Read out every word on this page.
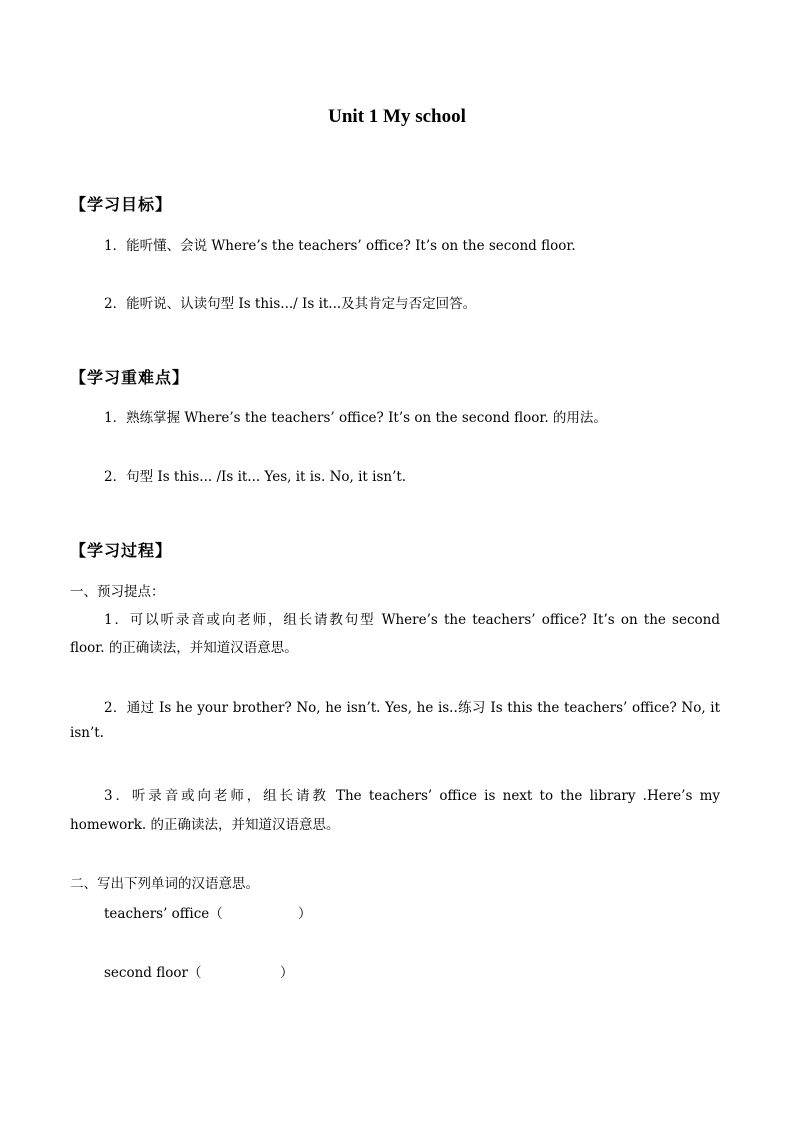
Unit 1 My school
【学习目标】
1．能听懂、会说 Where’s the teachers’ office? It’s on the second floor.
2．能听说、认读句型 Is this.../ Is it...及其肯定与否定回答。
【学习重难点】
1．熟练掌握 Where’s the teachers’ office? It’s on the second floor. 的用法。
2．句型 Is this... /Is it... Yes, it is. No, it isn’t.
【学习过程】
一、预习提点：
1．可以听录音或向老师，组长请教句型 Where’s the teachers’ office? It’s on the second
floor. 的正确读法，并知道汉语意思。
2．通过 Is he your brother? No, he isn’t. Yes, he is..练习 Is this the teachers’ office? No, it
isn’t.
3．听录音或向老师，组长请教 The teachers’ office is next to the library .Here’s my
homework. 的正确读法，并知道汉语意思。
二、写出下列单词的汉语意思。
teachers’ office（	）
second floor（	）
